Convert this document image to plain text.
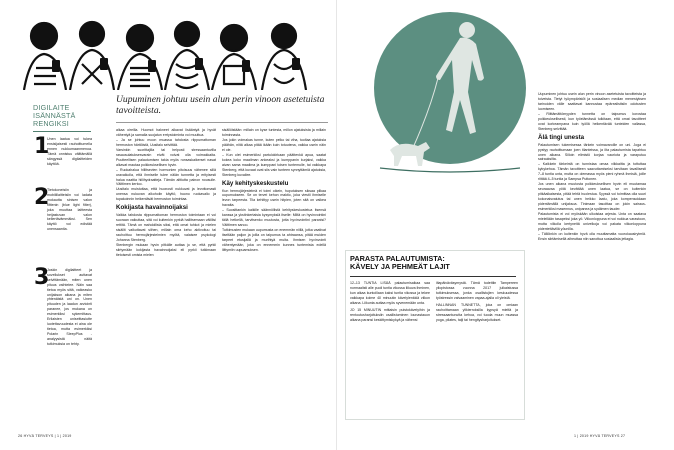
DIGILAITE
ISÄNNÄSTÄ
RENGIKSI
1
Unen laatua voi tukea ensisijaisesti rauhoittumella ennen nukkumaanmenoa. Tämä onnistuu välttämällä sängyssä digilaitteiden käyttöä.
2
Tietokoneisiin ja mobiililaitteisiin voi ladata mokautta sinisen valon filttenin (blue light filter), joka muuttaa laitteesta heijastuvan valon kellertävämmäksi. Sen käyttö voi edistää unensaantia.
3
Joskin digilaitteet ja sovellukset auttavat selvittämään, miten unen pituus vaihtelee. Näin saa tietoa myös siitä, vaikeasko unijakson aikana ja miten yhtenäistä uni on. Unen pituuden ja laadun arviointi paranee, jos mukana on esimerkiksi sykemittaus. Erilaisten uniseittasiutte luotettavuudesta ei aina ole tietoa, mutta esimerkiksi Polarin SleepPlus -analyysistä näitä tutkimuksia on tehty.
Uupuminen johtuu usein alun perin vinoon asetetuista tavoitteista.

alkaa oireilla. Huomot hakneet alkavat lisääntyä ja hyvät vähentyä ja samalla suojatun errtystoiminta voi muuttua.

– Ja se johtuu moon muassa tahdosta riippumattoman hermoston härtiöistä, Uusitalo selvittää.

Varsinkin suorittajilla tai helposti stressaantuvilla rasausulatuksesvarain eivät voivat olla voimakkaita. Puutteellisen palautumisen takia myös runsaskaikerset nasat alkavat mautaa poikkeuksellisen hyvin.

– Ruokahalua hillitsevien hormonien pitoisuus vähenee sillä uravaikolla, että ihmiselle tulee nälän tunnetta ja erityisesti halua naattia hiilihydraatteja. Tämän alttiutta painon nousulle. Väittimen kertoo.

Uusitalo muistuttaa, että huonosti nukkuvat ja levottomasti unensa nukuvan alkoholin käyttö, huono ruokavalio ja tupakoinnin heikentävät hermoston toimintaa.

Kokijasta havainnoijaksi

Vaikka tahdosta riippumattoman hermoston toimintaan ei voi suoraan vaikuttaa, sitä voi kuitenkin pyrkiä hallitsemaan välillisi rettitä. Tämä on mahdollista siksi, että omat tuhkot ja mielen sisällit vaikuttavat siihen, millain oma keho aktivoituu tai rauhoittuu hermojärjestelmien myötä, valaisee psykologi Johanna Stenberg.

Stenbergin mukaan hyvin pitkälle auttaa jo se, että pyrkii siirtymään kokijasta havainnoijaksi eli pyrkii tutkimaan tietoisesti omista mielen

sisällöistään: millain on kyse tuntesta, millon ajatuksista ja millain toiminnasta.

Jos jokin voimakas tunne, kuten pelko tai viha, tuoltaa ajatuksia päähän, niitä alkaa pitää ikään kuin totuutena, vaikka usein näin ei ole.

– Kun olet esimerkiksi partulokirkaan päättevkä apua, saatat kokea koko maailman ankeaksi ja kumppanin kurjaksi, vaikka aivan sama maailma ja kumppani toisen tuntemulle, tai vaikkapa Stenberg, että kuvaat ovat siis vain tunteen synnyttämiä ajatuksia, Stenberg kuvailee.

Käy kehityskeskustelu

Kun hermojärjestelmä ei toimi oikein, huputuksen siksaa pilkaa uupumukseen. Se on tervei kehon maktio, joka viestii ihmiselle levon tarpeesta. Tila kehittyy usein hitpien, joten sitä on vaikea havaita.

– Suosittankin kaikille säännöllistä kehityskeskustelua itsensä kanssa ja ykstinkertaisia kysymyksiä itselle: Miltä on hyvinvointini tällä hetkellä, tarvitsenko muutosta, jotta hyvinvointini paranisi? Väittimen sanoo.

Tutkimusten mukaan uupumusta on enemmän niillä, jotka vaativat itseltään paljon ja joilla on taipumus ta ahtraansa, pitää muiden tarpeet etusijallä ja murihtyä muita. Ihmisen hyvinvointi vähentymään, joka on ennemmin kunnes tuntemista edellä liittymiin uupuamuksen.

26 HYVÄ TERVEYS | 1 | 2019
PARASTA PALAUTUMISTA:
KÄVELY JA PEHMEÄT LAJIT

12–13 TUNTIA LISÄÄ palautumisaikaa saa normaalisti alle puoli tuntia vikossa liikuva ihminen, kun aikaa kuntoillaan kaksi tuntia vikossa ja tekee vaikkapa kolme 40 minuutin kävelylenkkiä viikon aikana. Liikunta auttaa myös syvenemään unta.

JO 15 MINUUTIN mittaisin puistokävelyihin ja rentoutusharjoituksiin osallistuminen lounastauon aikana paransi keskittymiskykyä ja vähensi

iltapäiväväsymystä. Tämä todettiin Tampereen yliopistossa vuonna 2017 julkaistussa tutkimuksessa, jonka osallistujien keskuudessa työstressin vaivaaminen vapaa-ajalla oli yleistä.

HALLINNAN TUNNETTA, joka on omiaan rauhoittamaan ylikierroksilla kypsyä mieltä ja stressaantunutta kehoa, voi tuoda muun muassa yoga, pilates, taiji tai hengitysharjoitukset.

Uupuminen johtuu usein alun perin vinoon asetetuista tavoitteista ja toiveista. Tietyt työympäristöt ja sosiaalisen median menestyksen tarinoiden välle saattavat kannustaa epärealistisiin odotusten luomiseen.

– Riittämättömyyden tunnetta on taipumus korostaa poikkeuksellisesti, kun työelämässä tulkitaan, että omat tavoitteet ovat korkeampana kuin työllä heikentävää tunteiden vallassa, Stenberg selvittää.

Älä tingi unesta

Palautumisen tukemisessa tärkein voimavaroille on uni. Joga ei pystyy rauhoittumaan joen tilanteissa, ja ilta palautumista tapahtuu unen aikana. Silloin elimistö korjaa vauriota ja varaputuu sairauksilta.

– Kaikkein tärkeintä on tunnistaa omaa viikkaitta ja tottuttaa kykykehoa. Tämän tavoitteen saavuttamiseksi tarvitaan tavallisesti 7–8 tuntia unta, mutta on olemassa myös pieni ryhmä ihmisiä, joille riittää 4–5 tuntia ja Sampsa Puttonen.

Jos unen aikana muutosta poikkeuksellisen hyvin eli muutamaa seuraavaa yötä kevättää unen laatua, se on kuitenkin pitkäaikaisesta, pitää tehtä huolestua. Syyssä voi toimittaa olla suuri kokonaisvaiutus tai unen heikko laatu, joka kompensoidaan pidentämällä unijaksoa. Tinimaan tasoittaa on jokin sairaus- esimerkiksi masennus, unipanea ja sydämen tauder.

Palautumista ei voi myöskään ulkoistaa arjesta. Unta on saatava mielellään tasapeksi joka yö. Viikonloppuna ei voi nukkua varastoon, mutta viikolla kertyneitä univelkoja voi pakata viikonloppuna pidentettävillä yöunilla.

– Tällöinkin on kuitenkin hyvä olla muuttamatta vuorokausirytmiä. Ensin siirtämisellä aiheuttaa niin sanottua sosiaalista jetlagia.

1 | 2019 HYVÄ TERVEYS 27
